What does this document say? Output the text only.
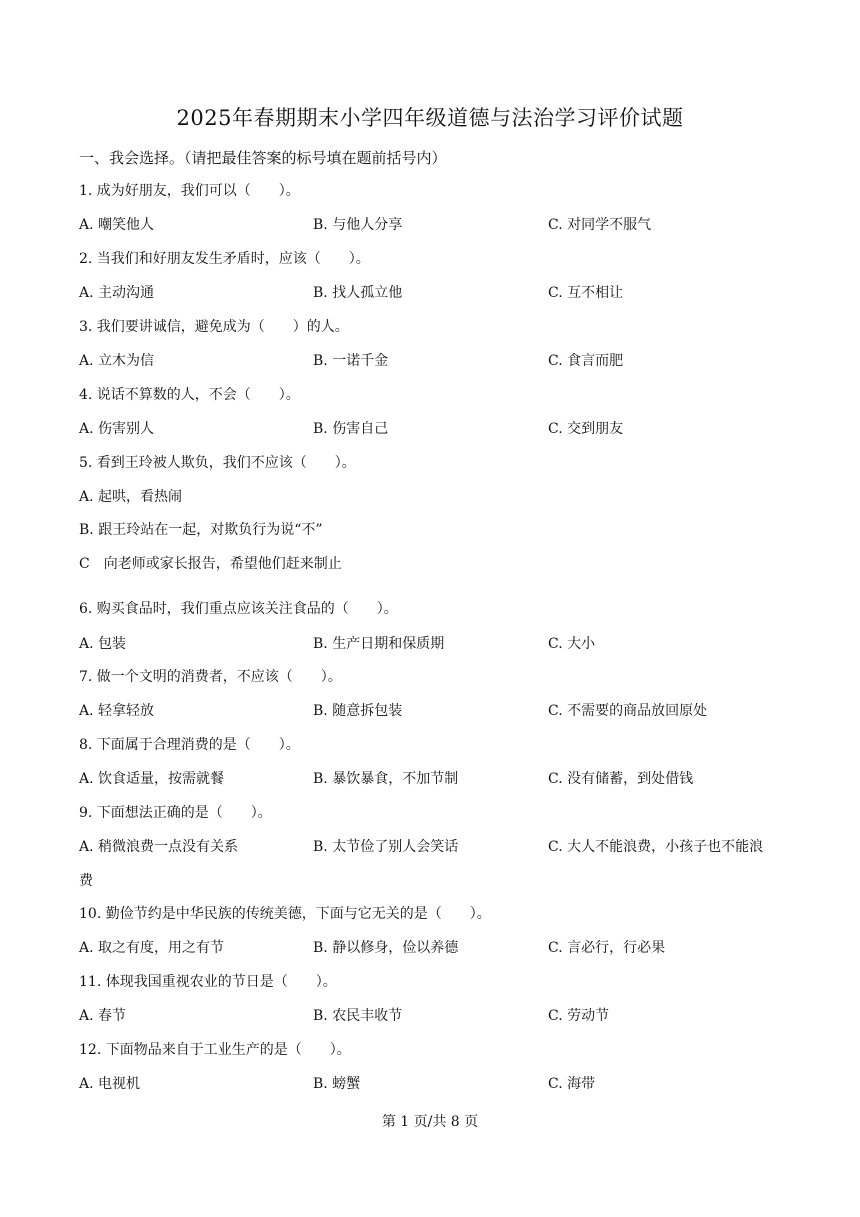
2025年春期期末小学四年级道德与法治学习评价试题
一、我会选择。（请把最佳答案的标号填在题前括号内）
1. 成为好朋友，我们可以（　　）。
A. 嘲笑他人	B. 与他人分享	C. 对同学不服气
2. 当我们和好朋友发生矛盾时，应该（　　）。
A. 主动沟通	B. 找人孤立他	C. 互不相让
3. 我们要讲诚信，避免成为（　　）的人。
A. 立木为信	B. 一诺千金	C. 食言而肥
4. 说话不算数的人，不会（　　）。
A. 伤害别人	B. 伤害自己	C. 交到朋友
5. 看到王玲被人欺负，我们不应该（　　）。
A. 起哄，看热闹
B. 跟王玲站在一起，对欺负行为说“不”
C　向老师或家长报告，希望他们赶来制止
6. 购买食品时，我们重点应该关注食品的（　　）。
A. 包装	B. 生产日期和保质期	C. 大小
7. 做一个文明的消费者，不应该（　　）。
A. 轻拿轻放	B. 随意拆包装	C. 不需要的商品放回原处
8. 下面属于合理消费的是（　　）。
A. 饮食适量，按需就餐	B. 暴饮暴食，不加节制	C. 没有储蓄，到处借钱
9. 下面想法正确的是（　　）。
A. 稍微浪费一点没有关系	B. 太节俭了别人会笑话	C. 大人不能浪费，小孩子也不能浪
费
10. 勤俭节约是中华民族的传统美德，下面与它无关的是（　　）。
A. 取之有度，用之有节	B. 静以修身，俭以养德	C. 言必行，行必果
11. 体现我国重视农业的节日是（　　）。
A. 春节	B. 农民丰收节	C. 劳动节
12. 下面物品来自于工业生产的是（　　）。
A. 电视机	B. 螃蟹	C. 海带
第 1 页/共 8 页
